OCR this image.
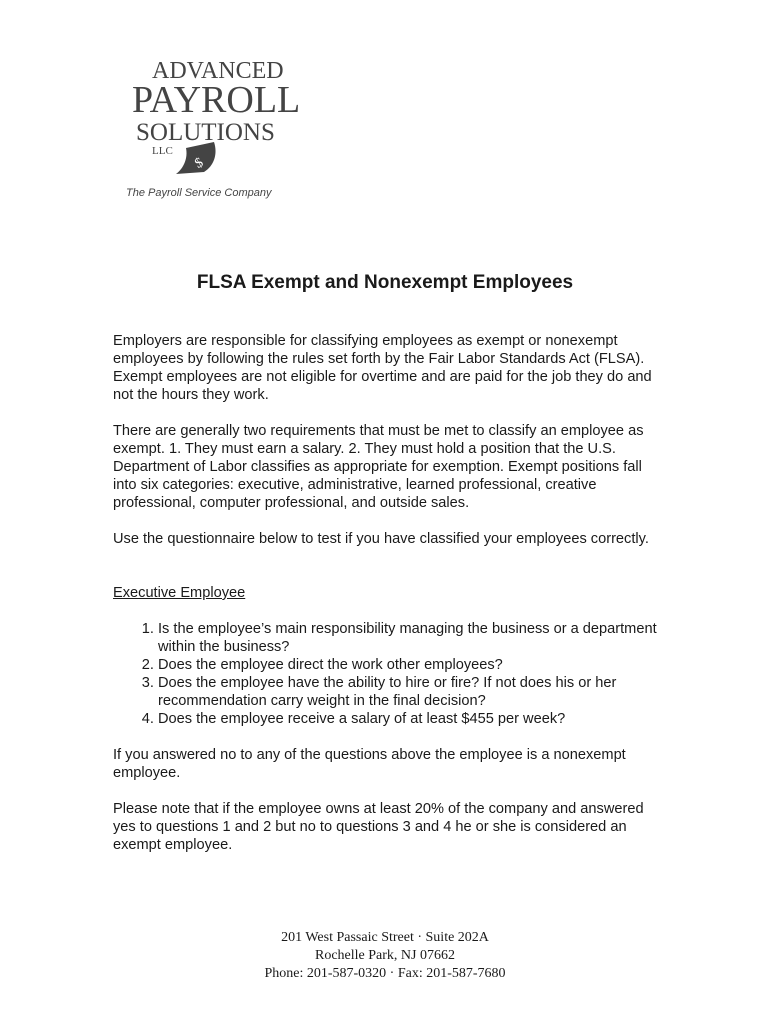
ADVANCED
PAYROLL
SOLUTIONS
LLC
$
The Payroll Service Company
FLSA Exempt and Nonexempt Employees

Employers are responsible for classifying employees as exempt or nonexempt employees by following the rules set forth by the Fair Labor Standards Act (FLSA). Exempt employees are not eligible for overtime and are paid for the job they do and not the hours they work.

There are generally two requirements that must be met to classify an employee as exempt. 1. They must earn a salary. 2. They must hold a position that the U.S. Department of Labor classifies as appropriate for exemption. Exempt positions fall into six categories: executive, administrative, learned professional, creative professional, computer professional, and outside sales.

Use the questionnaire below to test if you have classified your employees correctly.

Executive Employee
1. Is the employee’s main responsibility managing the business or a department within the business?
2. Does the employee direct the work other employees?
3. Does the employee have the ability to hire or fire? If not does his or her recommendation carry weight in the final decision?
4. Does the employee receive a salary of at least $455 per week?

If you answered no to any of the questions above the employee is a nonexempt employee.

Please note that if the employee owns at least 20% of the company and answered yes to questions 1 and 2 but no to questions 3 and 4 he or she is considered an exempt employee.

201 West Passaic Street · Suite 202A
Rochelle Park, NJ 07662
Phone: 201-587-0320 · Fax: 201-587-7680
